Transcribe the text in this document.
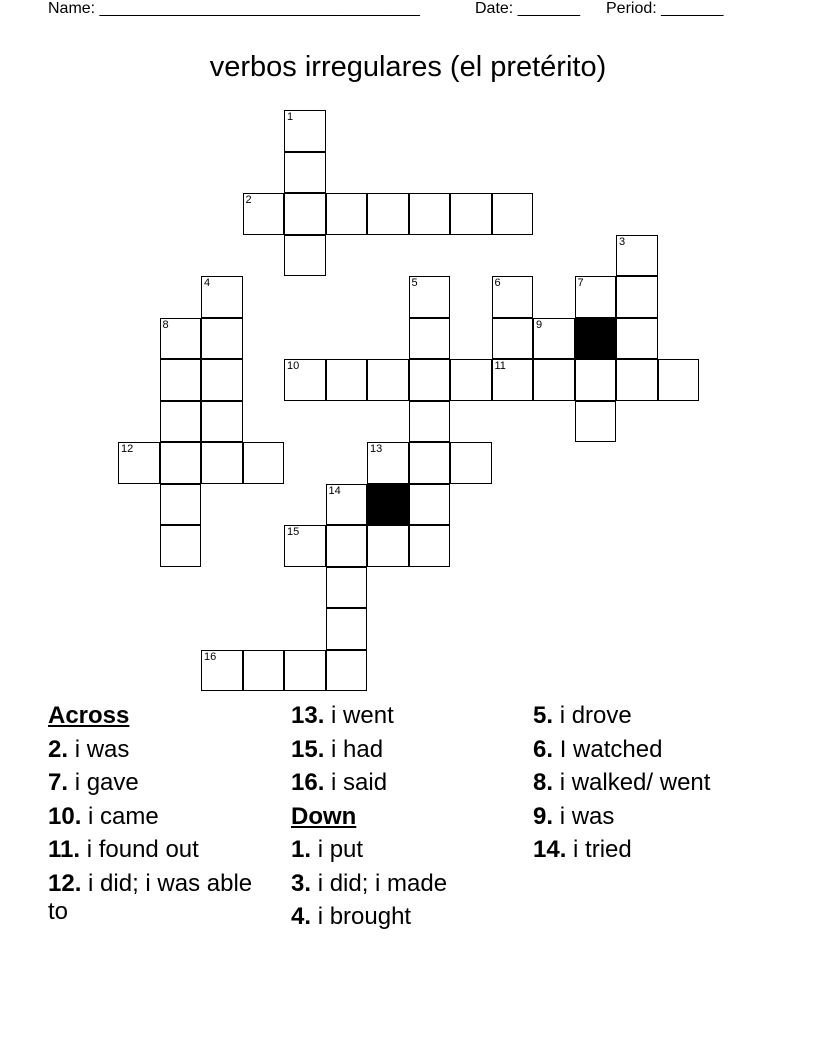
Name: ____________________________________	Date: _______ Period: _______
verbos irregulares (el pretérito)
1
2
3
4	5	6	7
8	9
10	11
12	13
14
15
16
Across
2. i was
7. i gave
10. i came
11. i found out
12. i did; i was able to
13. i went
15. i had
16. i said
Down
1. i put
3. i did; i made
4. i brought
5. i drove
6. I watched
8. i walked/ went
9. i was
14. i tried
